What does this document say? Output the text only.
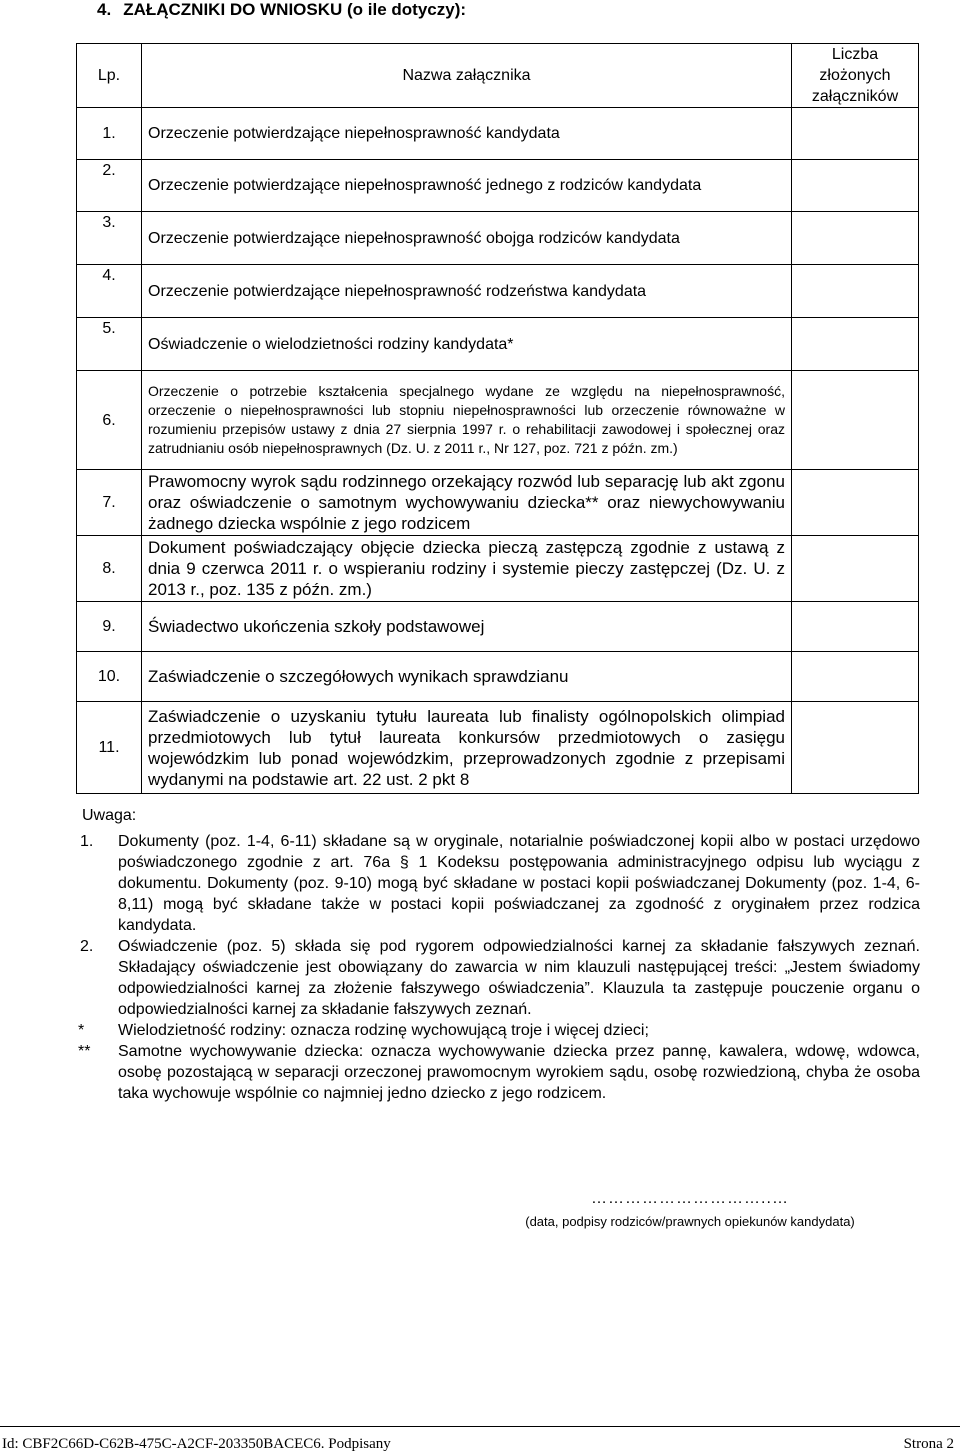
4. ZAŁĄCZNIKI DO WNIOSKU (o ile dotyczy):
Lp.	Nazwa załącznika	Liczba złożonych załączników
1.	Orzeczenie potwierdzające niepełnosprawność kandydata	
2.	Orzeczenie potwierdzające niepełnosprawność jednego z rodziców kandydata	
3.	Orzeczenie potwierdzające niepełnosprawność obojga rodziców kandydata	
4.	Orzeczenie potwierdzające niepełnosprawność rodzeństwa kandydata	
5.	Oświadczenie o wielodzietności rodziny kandydata*	
6.	Orzeczenie o potrzebie kształcenia specjalnego wydane ze względu na niepełnosprawność, orzeczenie o niepełnosprawności lub stopniu niepełnosprawności lub orzeczenie równoważne w rozumieniu przepisów ustawy z dnia 27 sierpnia 1997 r. o rehabilitacji zawodowej i społecznej oraz zatrudnianiu osób niepełnosprawnych (Dz. U. z 2011 r., Nr 127, poz. 721 z późn. zm.)	
7.	Prawomocny wyrok sądu rodzinnego orzekający rozwód lub separację lub akt zgonu oraz oświadczenie o samotnym wychowywaniu dziecka** oraz niewychowywaniu żadnego dziecka wspólnie z jego rodzicem	
8.	Dokument poświadczający objęcie dziecka pieczą zastępczą zgodnie z ustawą z dnia 9 czerwca 2011 r. o wspieraniu rodziny i systemie pieczy zastępczej (Dz. U. z 2013 r., poz. 135 z późn. zm.)	
9.	Świadectwo ukończenia szkoły podstawowej	
10.	Zaświadczenie o szczegółowych wynikach sprawdzianu	
11.	Zaświadczenie o uzyskaniu tytułu laureata lub finalisty ogólnopolskich olimpiad przedmiotowych lub tytuł laureata konkursów przedmiotowych o zasięgu wojewódzkim lub ponad wojewódzkim, przeprowadzonych zgodnie z przepisami wydanymi na podstawie art. 22 ust. 2 pkt 8	
Uwaga:
1. Dokumenty (poz. 1-4, 6-11) składane są w oryginale, notarialnie poświadczonej kopii albo w postaci urzędowo poświadczonego zgodnie z art. 76a § 1 Kodeksu postępowania administracyjnego odpisu lub wyciągu z dokumentu. Dokumenty (poz. 9-10) mogą być składane w postaci kopii poświadczanej Dokumenty (poz. 1-4, 6-8,11) mogą być składane także w postaci kopii poświadczanej za zgodność z oryginałem przez rodzica kandydata.
2. Oświadczenie (poz. 5) składa się pod rygorem odpowiedzialności karnej za składanie fałszywych zeznań. Składający oświadczenie jest obowiązany do zawarcia w nim klauzuli następującej treści: „Jestem świadomy odpowiedzialności karnej za złożenie fałszywego oświadczenia”. Klauzula ta zastępuje pouczenie organu o odpowiedzialności karnej za składanie fałszywych zeznań.
* Wielodzietność rodziny: oznacza rodzinę wychowującą troje i więcej dzieci;
** Samotne wychowywanie dziecka: oznacza wychowywanie dziecka przez pannę, kawalera, wdowę, wdowca, osobę pozostającą w separacji orzeczonej prawomocnym wyrokiem sądu, osobę rozwiedzioną, chyba że osoba taka wychowuje wspólnie co najmniej jedno dziecko z jego rodzicem.
…………………………..…
(data, podpisy rodziców/prawnych opiekunów kandydata)
Id: CBF2C66D-C62B-475C-A2CF-203350BACEC6. Podpisany	Strona 2
